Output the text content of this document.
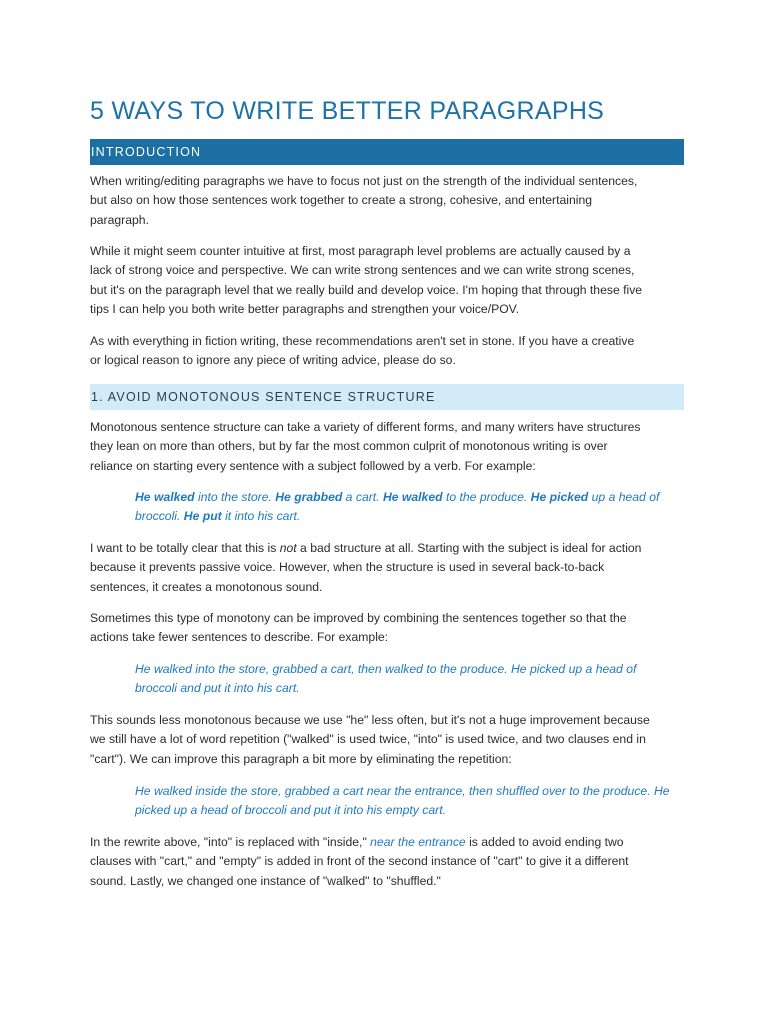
5 WAYS TO WRITE BETTER PARAGRAPHS
INTRODUCTION

When writing/editing paragraphs we have to focus not just on the strength of the individual sentences,
but also on how those sentences work together to create a strong, cohesive, and entertaining
paragraph.

While it might seem counter intuitive at first, most paragraph level problems are actually caused by a
lack of strong voice and perspective. We can write strong sentences and we can write strong scenes,
but it's on the paragraph level that we really build and develop voice. I'm hoping that through these five
tips I can help you both write better paragraphs and strengthen your voice/POV.

As with everything in fiction writing, these recommendations aren't set in stone. If you have a creative
or logical reason to ignore any piece of writing advice, please do so.

1. AVOID MONOTONOUS SENTENCE STRUCTURE

Monotonous sentence structure can take a variety of different forms, and many writers have structures
they lean on more than others, but by far the most common culprit of monotonous writing is over
reliance on starting every sentence with a subject followed by a verb. For example:

He walked into the store. He grabbed a cart. He walked to the produce. He picked up a head of
broccoli. He put it into his cart.

I want to be totally clear that this is not a bad structure at all. Starting with the subject is ideal for action
because it prevents passive voice. However, when the structure is used in several back-to-back
sentences, it creates a monotonous sound.

Sometimes this type of monotony can be improved by combining the sentences together so that the
actions take fewer sentences to describe. For example:

He walked into the store, grabbed a cart, then walked to the produce. He picked up a head of
broccoli and put it into his cart.

This sounds less monotonous because we use "he" less often, but it's not a huge improvement because
we still have a lot of word repetition ("walked" is used twice, "into" is used twice, and two clauses end in
"cart"). We can improve this paragraph a bit more by eliminating the repetition:

He walked inside the store, grabbed a cart near the entrance, then shuffled over to the produce. He
picked up a head of broccoli and put it into his empty cart.

In the rewrite above, "into" is replaced with "inside," near the entrance is added to avoid ending two
clauses with "cart," and "empty" is added in front of the second instance of "cart" to give it a different
sound. Lastly, we changed one instance of "walked" to "shuffled."
